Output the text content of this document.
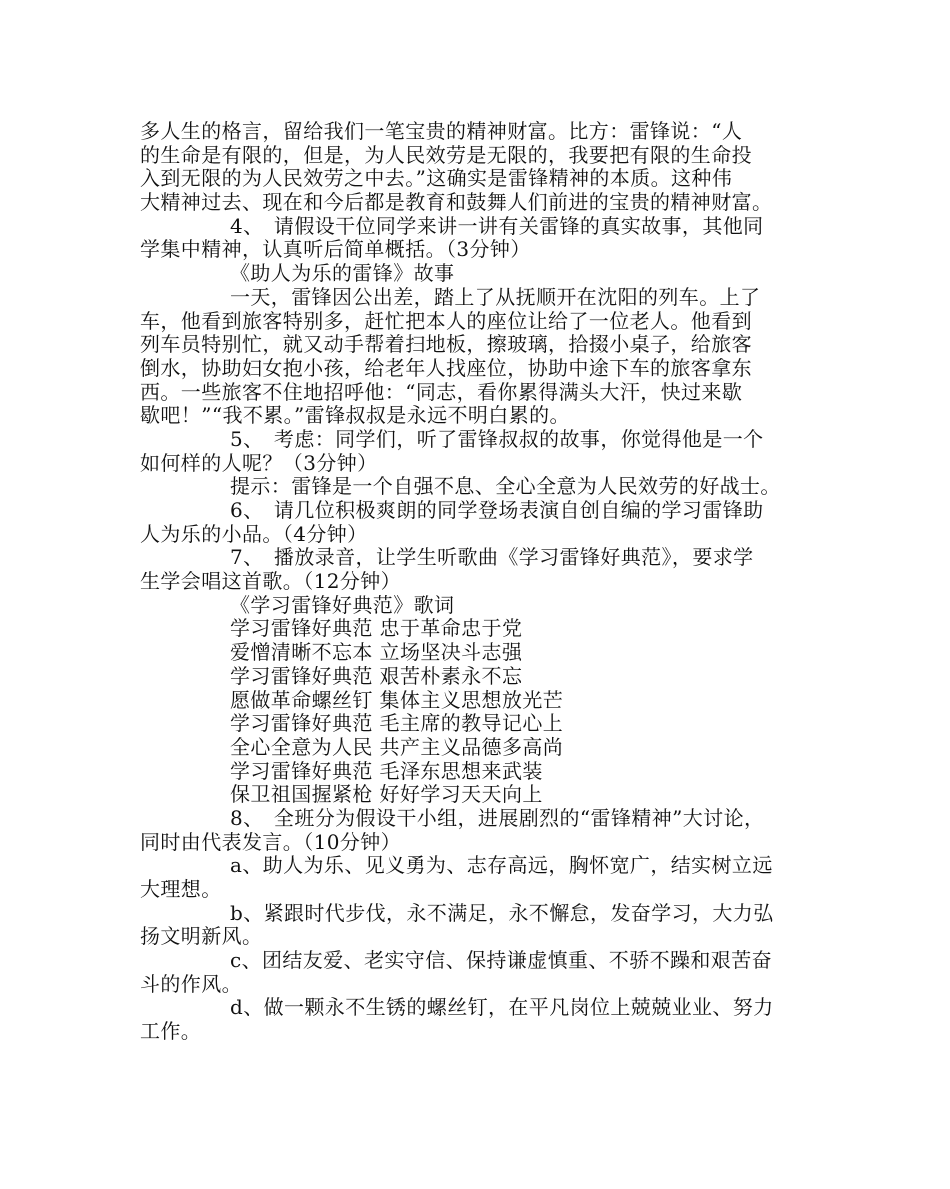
多人生的格言，留给我们一笔宝贵的精神财富。比方：雷锋说：“人
的生命是有限的，但是，为人民效劳是无限的，我要把有限的生命投
入到无限的为人民效劳之中去。”这确实是雷锋精神的本质。这种伟
大精神过去、现在和今后都是教育和鼓舞人们前进的宝贵的精神财富。
4、　请假设干位同学来讲一讲有关雷锋的真实故事，其他同
学集中精神，认真听后简单概括。（3分钟）
《助人为乐的雷锋》故事
一天，雷锋因公出差，踏上了从抚顺开在沈阳的列车。上了
车，他看到旅客特别多，赶忙把本人的座位让给了一位老人。他看到
列车员特别忙，就又动手帮着扫地板，擦玻璃，拾掇小桌子，给旅客
倒水，协助妇女抱小孩，给老年人找座位，协助中途下车的旅客拿东
西。一些旅客不住地招呼他：“同志，看你累得满头大汗，快过来歇
歇吧！”“我不累。”雷锋叔叔是永远不明白累的。
5、　考虑：同学们，听了雷锋叔叔的故事，你觉得他是一个
如何样的人呢？（3分钟）
提示：雷锋是一个自强不息、全心全意为人民效劳的好战士。
6、　请几位积极爽朗的同学登场表演自创自编的学习雷锋助
人为乐的小品。（4分钟）
7、　播放录音，让学生听歌曲《学习雷锋好典范》，要求学
生学会唱这首歌。（12分钟）
《学习雷锋好典范》歌词
学习雷锋好典范 忠于革命忠于党
爱憎清晰不忘本 立场坚决斗志强
学习雷锋好典范 艰苦朴素永不忘
愿做革命螺丝钉 集体主义思想放光芒
学习雷锋好典范 毛主席的教导记心上
全心全意为人民 共产主义品德多高尚
学习雷锋好典范 毛泽东思想来武装
保卫祖国握紧枪 好好学习天天向上
8、　全班分为假设干小组，进展剧烈的“雷锋精神”大讨论，
同时由代表发言。（10分钟）
a、助人为乐、见义勇为、志存高远，胸怀宽广，结实树立远
大理想。
b、紧跟时代步伐，永不满足，永不懈怠，发奋学习，大力弘
扬文明新风。
c、团结友爱、老实守信、保持谦虚慎重、不骄不躁和艰苦奋
斗的作风。
d、做一颗永不生锈的螺丝钉，在平凡岗位上兢兢业业、努力
工作。
